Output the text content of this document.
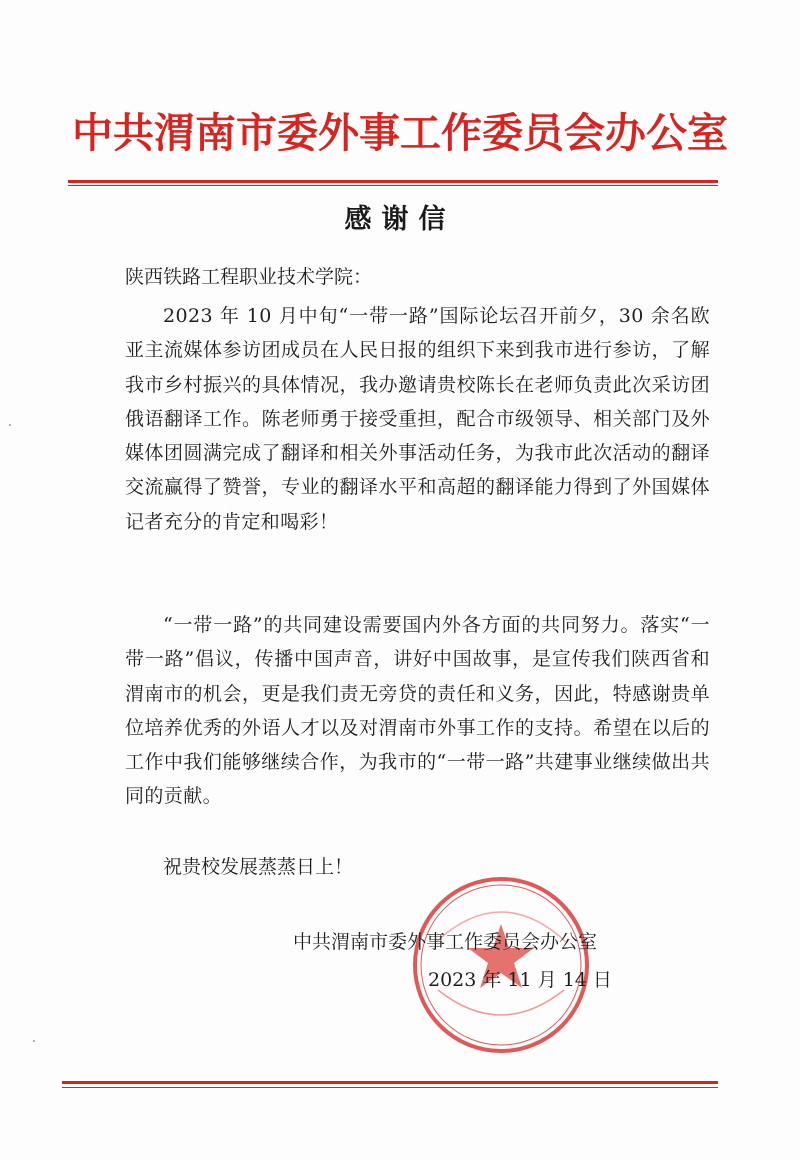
中共渭南市委外事工作委员会办公室
感谢信
陕西铁路工程职业技术学院：
2023 年 10 月中旬“一带一路”国际论坛召开前夕，30 余名欧亚主流媒体参访团成员在人民日报的组织下来到我市进行参访，了解我市乡村振兴的具体情况，我办邀请贵校陈长在老师负责此次采访团俄语翻译工作。陈老师勇于接受重担，配合市级领导、相关部门及外媒体团圆满完成了翻译和相关外事活动任务，为我市此次活动的翻译交流赢得了赞誉，专业的翻译水平和高超的翻译能力得到了外国媒体记者充分的肯定和喝彩！
“一带一路”的共同建设需要国内外各方面的共同努力。落实“一带一路”倡议，传播中国声音，讲好中国故事，是宣传我们陕西省和渭南市的机会，更是我们责无旁贷的责任和义务，因此，特感谢贵单位培养优秀的外语人才以及对渭南市外事工作的支持。希望在以后的工作中我们能够继续合作，为我市的“一带一路”共建事业继续做出共同的贡献。
祝贵校发展蒸蒸日上！
中共渭南市委外事工作委员会办公室
2023 年 11 月 14 日
